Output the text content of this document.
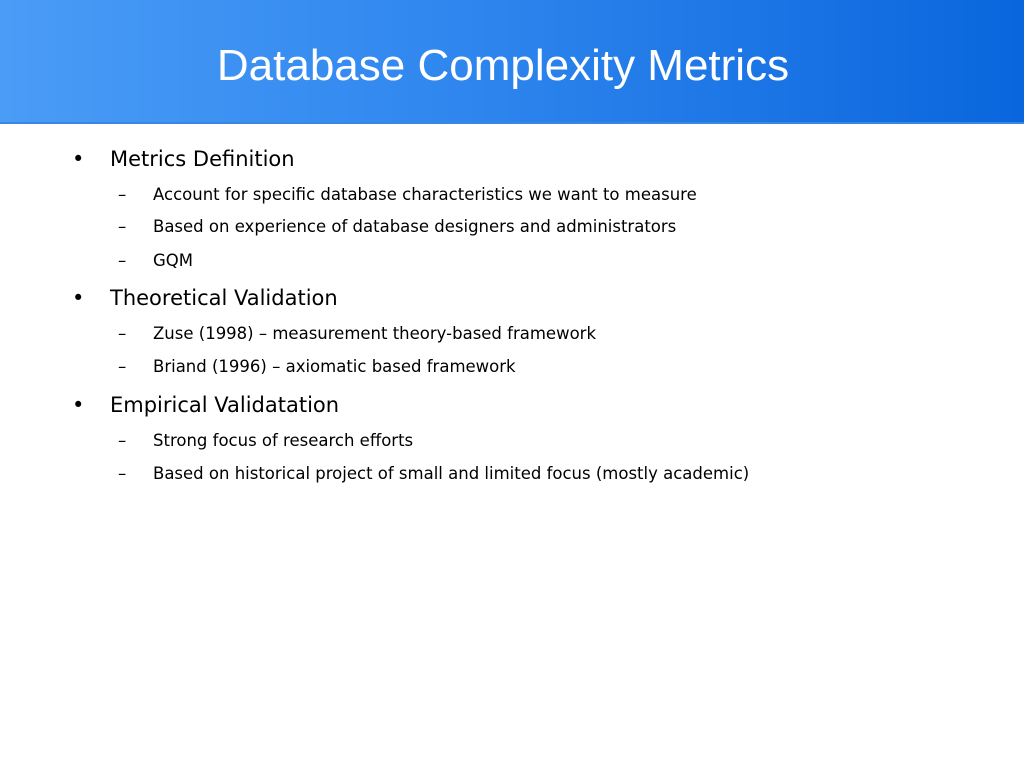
Database Complexity Metrics
• Metrics Definition
–	Account for specific database characteristics we want to measure
–	Based on experience of database designers and administrators
–	GQM
• Theoretical Validation
–	Zuse (1998) – measurement theory-based framework
–	Briand (1996) – axiomatic based framework
• Empirical Validatation
–	Strong focus of research efforts
–	Based on historical project of small and limited focus (mostly academic)
